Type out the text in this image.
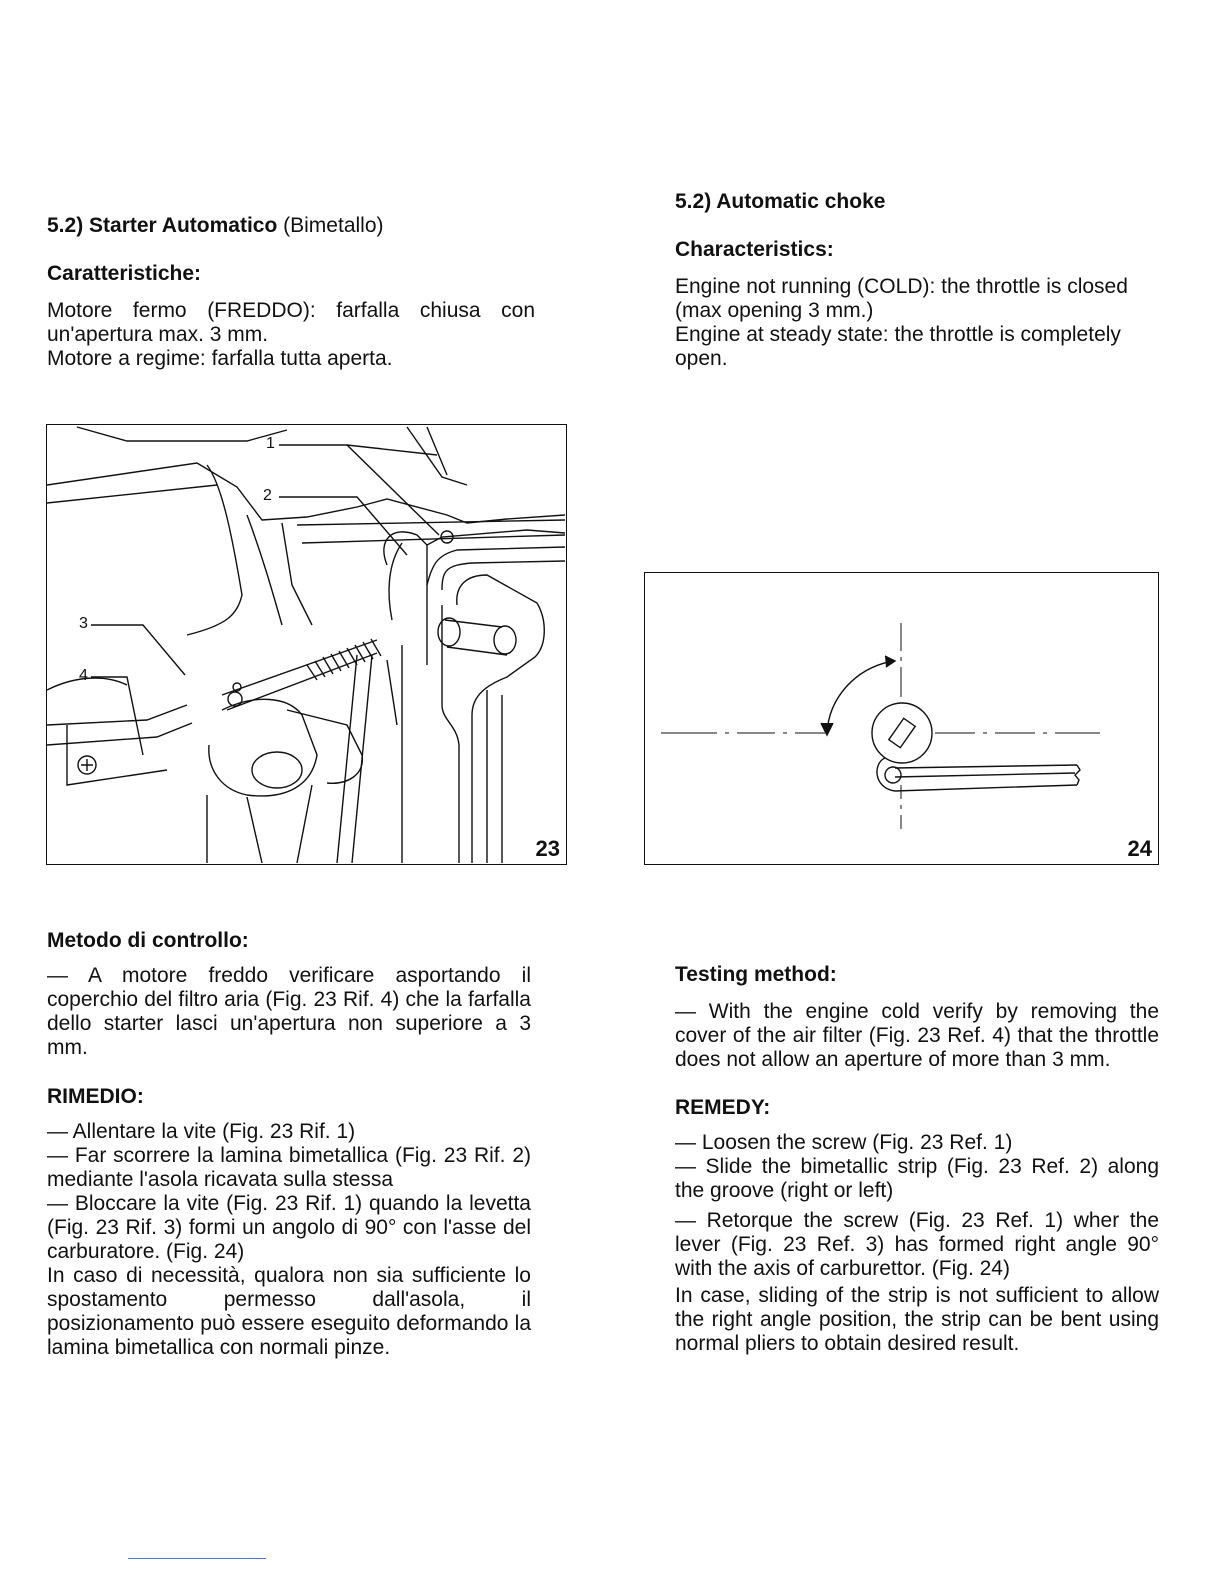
5.2) Starter Automatico (Bimetallo)
Caratteristiche:

Motore fermo (FREDDO): farfalla chiusa con

un'apertura max. 3 mm.

Motore a regime: farfalla tutta aperta.

1
2
3
4
23
Metodo di controllo:

— A motore freddo verificare asportando il coperchio del filtro aria (Fig. 23 Rif. 4) che la farfalla dello starter lasci un'apertura non superiore a 3 mm.

RIMEDIO:

— Allentare la vite (Fig. 23 Rif. 1)

— Far scorrere la lamina bimetallica (Fig. 23 Rif. 2) mediante l'asola ricavata sulla stessa

— Bloccare la vite (Fig. 23 Rif. 1) quando la levetta (Fig. 23 Rif. 3) formi un angolo di 90° con l'asse del carburatore. (Fig. 24)

In caso di necessità, qualora non sia sufficiente lo spostamento permesso dall'asola, il posizionamento può essere eseguito deformando la lamina bimetallica con normali pinze.

5.2) Automatic choke
Characteristics:

Engine not running (COLD): the throttle is closed

(max opening 3 mm.)

Engine at steady state: the throttle is completely

open.

24
Testing method:

— With the engine cold verify by removing the cover of the air filter (Fig. 23 Ref. 4) that the throttle does not allow an aperture of more than 3 mm.

REMEDY:

— Loosen the screw (Fig. 23 Ref. 1)

— Slide the bimetallic strip (Fig. 23 Ref. 2) along the groove (right or left)

— Retorque the screw (Fig. 23 Ref. 1) wher the lever (Fig. 23 Ref. 3) has formed right angle 90° with the axis of carburettor. (Fig. 24)

In case, sliding of the strip is not sufficient to allow the right angle position, the strip can be bent using normal pliers to obtain desired result.
